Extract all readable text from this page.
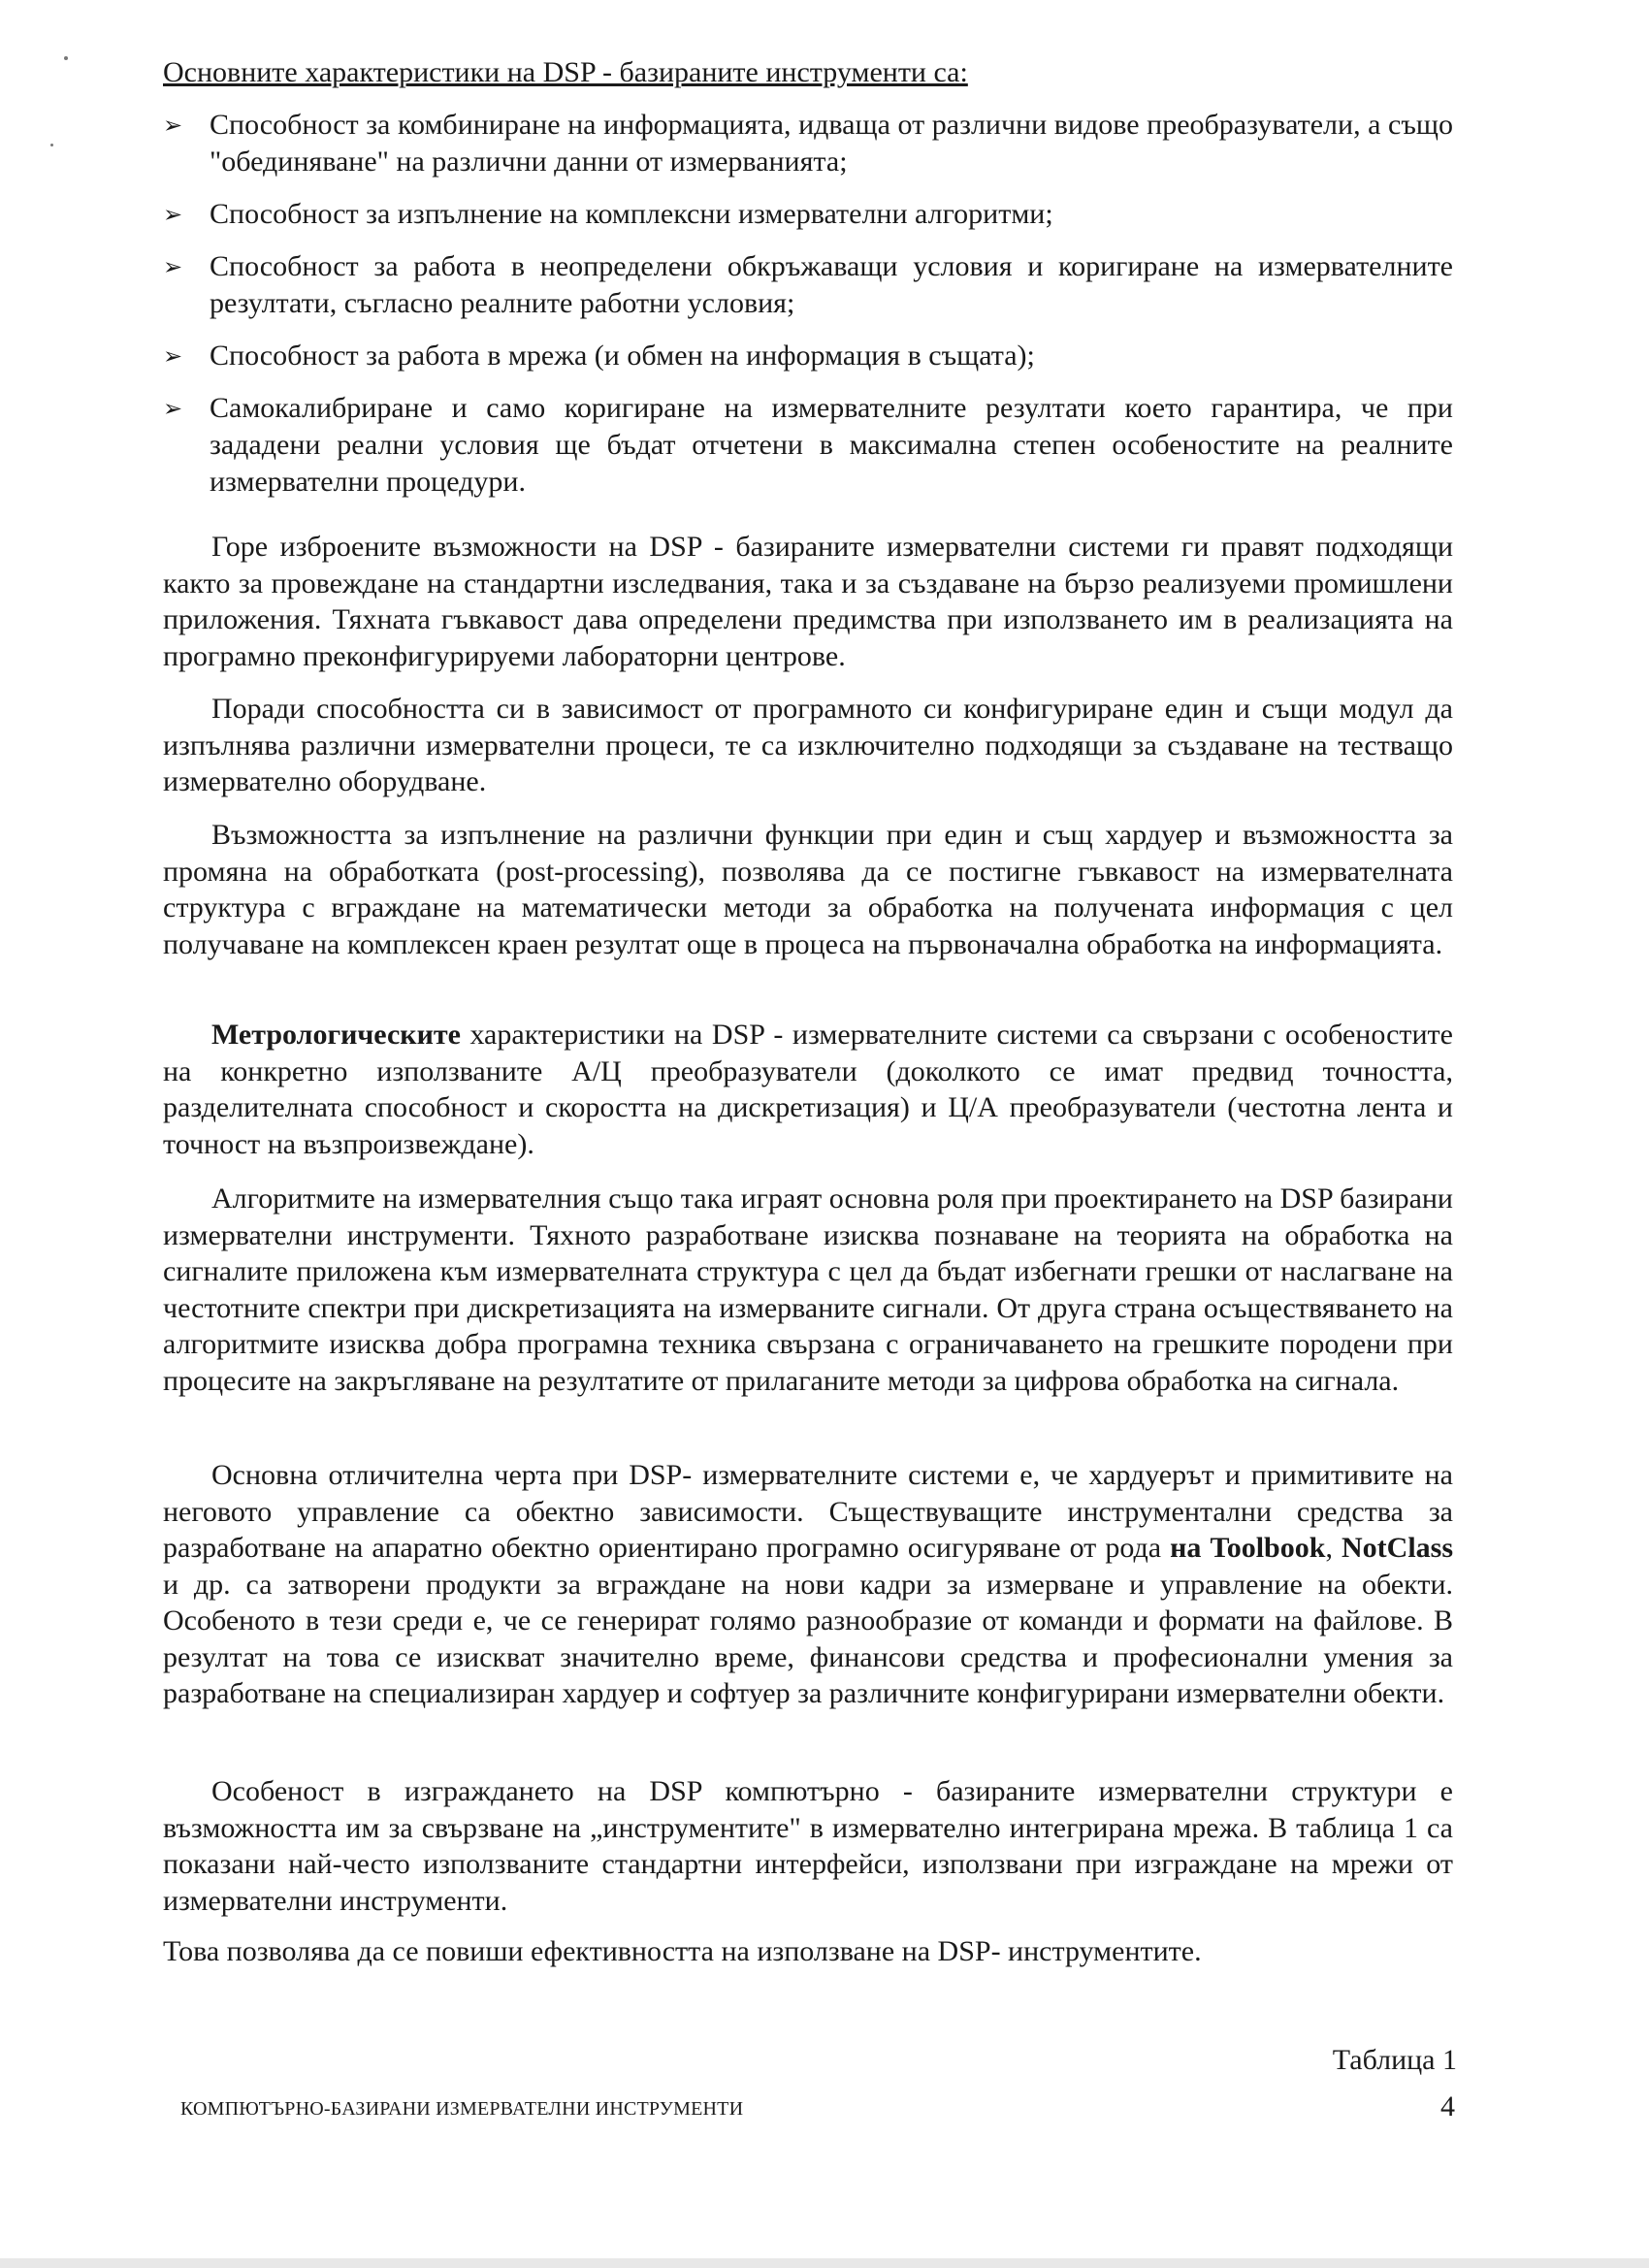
Основните характеристики на DSP - базираните инструменти са:

➢ Способност за комбиниране на информацията, идваща от различни видове преобразуватели, а също "обединяване" на различни данни от измерванията;
➢ Способност за изпълнение на комплексни измервателни алгоритми;
➢ Способност за работа в неопределени обкръжаващи условия и коригиране на измервателните резултати, съгласно реалните работни условия;
➢ Способност за работа в мрежа (и обмен на информация в същата);
➢ Самокалибриране и само коригиране на измервателните резултати което гарантира, че при зададени реални условия ще бъдат отчетени в максимална степен особеностите на реалните измервателни процедури.

Горе изброените възможности на DSP - базираните измервателни системи ги правят подходящи както за провеждане на стандартни изследвания, така и за създаване на бързо реализуеми промишлени приложения. Тяхната гъвкавост дава определени предимства при използването им в реализацията на програмно преконфигурируеми лабораторни центрове.

Поради способността си в зависимост от програмното си конфигуриране един и същи модул да изпълнява различни измервателни процеси, те са изключително подходящи за създаване на тестващо измервателно оборудване.

Възможността за изпълнение на различни функции при един и същ хардуер и възможността за промяна на обработката (post-processing), позволява да се постигне гъвкавост на измервателната структура с вграждане на математически методи за обработка на получената информация с цел получаване на комплексен краен резултат още в процеса на първоначална обработка на информацията.

Метрологическите характеристики на DSP - измервателните системи са свързани с особеностите на конкретно използваните А/Ц преобразуватели (доколкото се имат предвид точността, разделителната способност и скоростта на дискретизация) и Ц/А преобразуватели (честотна лента и точност на възпроизвеждане).

Алгоритмите на измервателния също така играят основна роля при проектирането на DSP базирани измервателни инструменти. Тяхното разработване изисква познаване на теорията на обработка на сигналите приложена към измервателната структура с цел да бъдат избегнати грешки от наслагване на честотните спектри при дискретизацията на измерваните сигнали. От друга страна осъществяването на алгоритмите изисква добра програмна техника свързана с ограничаването на грешките породени при процесите на закръгляване на резултатите от прилаганите методи за цифрова обработка на сигнала.

Основна отличителна черта при DSP- измервателните системи е, че хардуерът и примитивите на неговото управление са обектно зависимости. Съществуващите инструментални средства за разработване на апаратно обектно ориентирано програмно осигуряване от рода на Toolbook, NotClass и др. са затворени продукти за вграждане на нови кадри за измерване и управление на обекти. Особеното в тези среди е, че се генерират голямо разнообразие от команди и формати на файлове. В резултат на това се изискват значително време, финансови средства и професионални умения за разработване на специализиран хардуер и софтуер за различните конфигурирани измервателни обекти.

Особеност в изграждането на DSP компютърно - базираните измервателни структури е възможността им за свързване на „инструментите" в измервателно интегрирана мрежа. В таблица 1 са показани най-често използваните стандартни интерфейси, използвани при изграждане на мрежи от измервателни инструменти.

Това позволява да се повиши ефективността на използване на DSP- инструментите.

Таблица 1

4

КОМПЮТЪРНО-БАЗИРАНИ ИЗМЕРВАТЕЛНИ ИНСТРУМЕНТИ
